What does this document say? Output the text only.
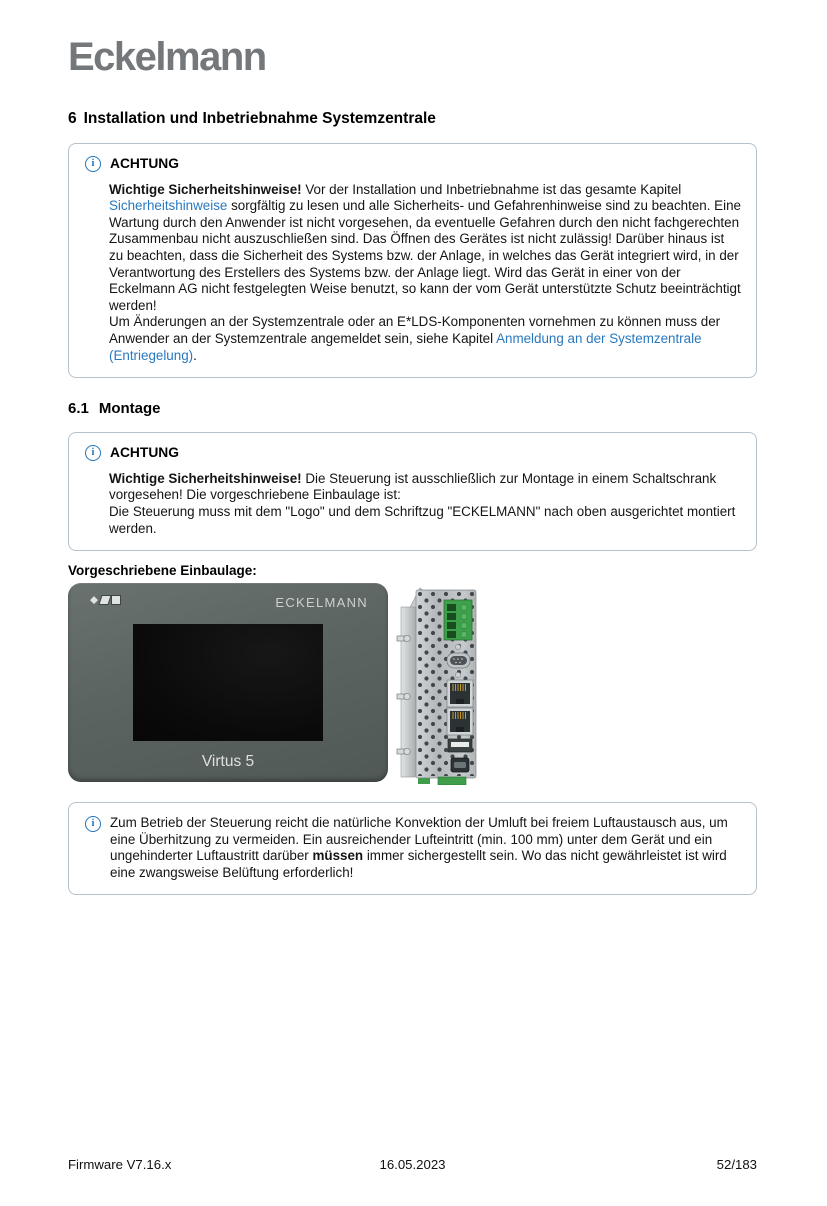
Eckelmann
6 Installation und Inbetriebnahme Systemzentrale
i	ACHTUNG

Wichtige Sicherheitshinweise! Vor der Installation und Inbetriebnahme ist das gesamte Kapitel Sicherheitshinweise sorgfältig zu lesen und alle Sicherheits- und Gefahrenhinweise sind zu beachten. Eine Wartung durch den Anwender ist nicht vorgesehen, da eventuelle Gefahren durch den nicht fachgerechten Zusammenbau nicht auszuschließen sind. Das Öffnen des Gerätes ist nicht zulässig! Darüber hinaus ist zu beachten, dass die Sicherheit des Systems bzw. der Anlage, in welches das Gerät integriert wird, in der Verantwortung des Erstellers des Systems bzw. der Anlage liegt. Wird das Gerät in einer von der Eckelmann AG nicht festgelegten Weise benutzt, so kann der vom Gerät unterstützte Schutz beeinträchtigt werden!

Um Änderungen an der Systemzentrale oder an E*LDS-Komponenten vornehmen zu können muss der Anwender an der Systemzentrale angemeldet sein, siehe Kapitel Anmeldung an der Systemzentrale (Entriegelung).

6.1 Montage
i	ACHTUNG

Wichtige Sicherheitshinweise! Die Steuerung ist ausschließlich zur Montage in einem Schaltschrank vorgesehen! Die vorgeschriebene Einbaulage ist:

Die Steuerung muss mit dem "Logo" und dem Schriftzug "ECKELMANN" nach oben ausgerichtet montiert werden.

Vorgeschriebene Einbaulage:
ECKELMANN
Virtus 5
i	Zum Betrieb der Steuerung reicht die natürliche Konvektion der Umluft bei freiem Luftaustausch aus, um eine Überhitzung zu vermeiden. Ein ausreichender Lufteintritt (min. 100 mm) unter dem Gerät und ein ungehinderter Luftaustritt darüber müssen immer sichergestellt sein. Wo das nicht gewährleistet ist wird eine zwangsweise Belüftung erforderlich!

Firmware V7.16.x	16.05.2023	52/183
